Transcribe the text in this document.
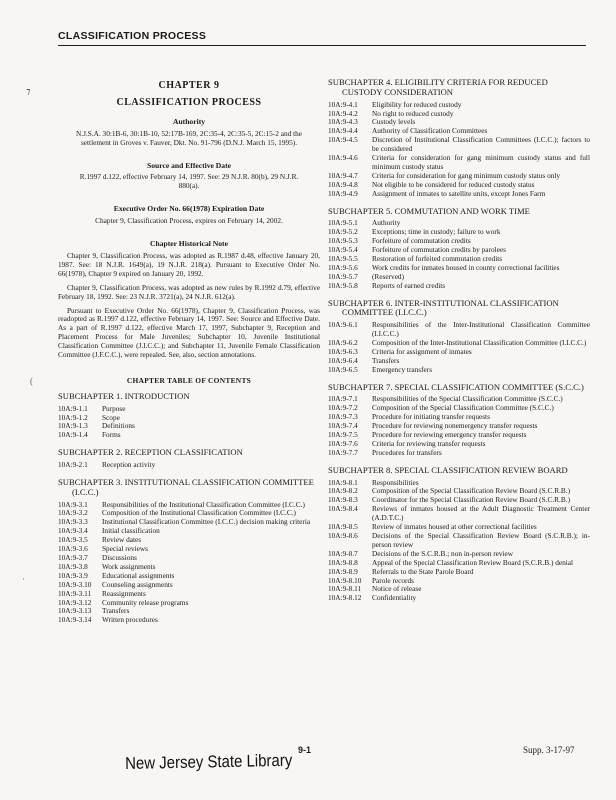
CLASSIFICATION PROCESS
⁊
(
·
CHAPTER 9
CLASSIFICATION PROCESS
Authority
N.J.S.A. 30:1B-6, 30:1B-10, 52:17B-169, 2C:35-4, 2C:35-5, 2C:15-2 and the settlement in Groves v. Fauver, Dkt. No. 91-796 (D.N.J. March 15, 1995).
Source and Effective Date
R.1997 d.122, effective February 14, 1997. See: 29 N.J.R. 80(b), 29 N.J.R. 880(a).
Executive Order No. 66(1978) Expiration Date
Chapter 9, Classification Process, expires on February 14, 2002.
Chapter Historical Note
Chapter 9, Classification Process, was adopted as R.1987 d.48, effective January 20, 1987. See: 18 N.J.R. 1649(a), 19 N.J.R. 218(a). Pursuant to Executive Order No. 66(1978), Chapter 9 expired on January 20, 1992.
Chapter 9, Classification Process, was adopted as new rules by R.1992 d.79, effective February 18, 1992. See: 23 N.J.R. 3721(a), 24 N.J.R. 612(a).
Pursuant to Executive Order No. 66(1978), Chapter 9, Classification Process, was readopted as R.1997 d.122, effective February 14, 1997. See: Source and Effective Date. As a part of R.1997 d.122, effective March 17, 1997, Subchapter 9, Reception and Placement Process for Male Juveniles; Subchapter 10, Juvenile Institutional Classification Committee (J.I.C.C.); and Subchapter 11, Juvenile Female Classification Committee (J.F.C.C.), were repealed. See, also, section annotations.
CHAPTER TABLE OF CONTENTS
SUBCHAPTER 1. INTRODUCTION
10A:9-1.1	Purpose
10A:9-1.2	Scope
10A:9-1.3	Definitions
10A:9-1.4	Forms
SUBCHAPTER 2. RECEPTION CLASSIFICATION
10A:9-2.1	Reception activity
SUBCHAPTER 3. INSTITUTIONAL CLASSIFICATION COMMITTEE (I.C.C.)
10A:9-3.1	Responsibilities of the Institutional Classification Committee (I.C.C.)
10A:9-3.2	Composition of the Institutional Classification Committee (I.C.C.)
10A:9-3.3	Institutional Classification Committee (I.C.C.) decision making criteria
10A:9-3.4	Initial classification
10A:9-3.5	Review dates
10A:9-3.6	Special reviews
10A:9-3.7	Discussions
10A:9-3.8	Work assignments
10A:9-3.9	Educational assignments
10A:9-3.10	Counseling assignments
10A:9-3.11	Reassignments
10A:9-3.12	Community release programs
10A:9-3.13	Transfers
10A:9-3.14	Written procedures
SUBCHAPTER 4. ELIGIBILITY CRITERIA FOR REDUCED CUSTODY CONSIDERATION
10A:9-4.1	Eligibility for reduced custody
10A:9-4.2	No right to reduced custody
10A:9-4.3	Custody levels
10A:9-4.4	Authority of Classification Committees
10A:9-4.5	Discretion of Institutional Classification Committees (I.C.C.); factors to be considered
10A:9-4.6	Criteria for consideration for gang minimum custody status and full minimum custody status
10A:9-4.7	Criteria for consideration for gang minimum custody status only
10A:9-4.8	Not eligible to be considered for reduced custody status
10A:9-4.9	Assignment of inmates to satellite units, except Jones Farm
SUBCHAPTER 5. COMMUTATION AND WORK TIME
10A:9-5.1	Authority
10A:9-5.2	Exceptions; time in custody; failure to work
10A:9-5.3	Forfeiture of commutation credits
10A:9-5.4	Forfeiture of commutation credits by parolees
10A:9-5.5	Restoration of forfeited commutation credits
10A:9-5.6	Work credits for inmates housed in county correctional facilities
10A:9-5.7	(Reserved)
10A:9-5.8	Reports of earned credits
SUBCHAPTER 6. INTER-INSTITUTIONAL CLASSIFICATION COMMITTEE (I.I.C.C.)
10A:9-6.1	Responsibilities of the Inter-Institutional Classification Committee (I.I.C.C.)
10A:9-6.2	Composition of the Inter-Institutional Classification Committee (I.I.C.C.)
10A:9-6.3	Criteria for assignment of inmates
10A:9-6.4	Transfers
10A:9-6.5	Emergency transfers
SUBCHAPTER 7. SPECIAL CLASSIFICATION COMMITTEE (S.C.C.)
10A:9-7.1	Responsibilities of the Special Classification Committee (S.C.C.)
10A:9-7.2	Composition of the Special Classification Committee (S.C.C.)
10A:9-7.3	Procedure for initiating transfer requests
10A:9-7.4	Procedure for reviewing nonemergency transfer requests
10A:9-7.5	Procedure for reviewing emergency transfer requests
10A:9-7.6	Criteria for reviewing transfer requests
10A:9-7.7	Procedures for transfers
SUBCHAPTER 8. SPECIAL CLASSIFICATION REVIEW BOARD
10A:9-8.1	Responsibilities
10A:9-8.2	Composition of the Special Classification Review Board (S.C.R.B.)
10A:9-8.3	Coordinator for the Special Classification Review Board (S.C.R.B.)
10A:9-8.4	Reviews of inmates housed at the Adult Diagnostic Treatment Center (A.D.T.C.)
10A:9-8.5	Review of inmates housed at other correctional facilities
10A:9-8.6	Decisions of the Special Classification Review Board (S.C.R.B.); in-person review
10A:9-8.7	Decisions of the S.C.R.B.; non in-person review
10A:9-8.8	Appeal of the Special Classification Review Board (S.C.R.B.) denial
10A:9-8.9	Referrals to the State Parole Board
10A:9-8.10	Parole records
10A:9-8.11	Notice of release
10A:9-8.12	Confidentiality
9-1	Supp. 3-17-97
New Jersey State Library
